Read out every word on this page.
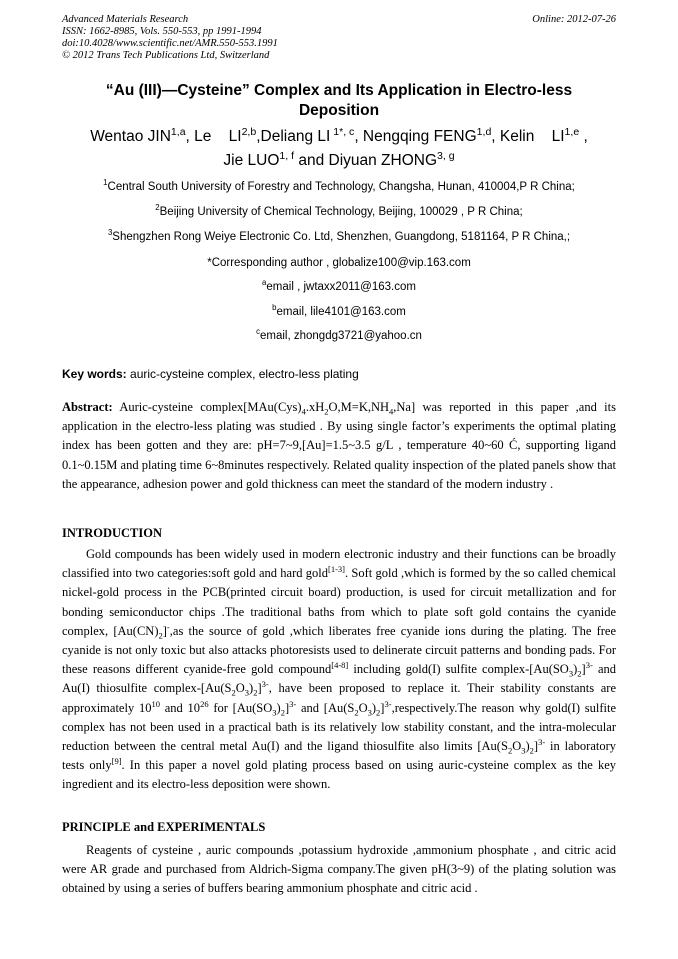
Advanced Materials Research
ISSN: 1662-8985, Vols. 550-553, pp 1991-1994
doi:10.4028/www.scientific.net/AMR.550-553.1991
© 2012 Trans Tech Publications Ltd, Switzerland
Online: 2012-07-26
“Au (III)—Cysteine” Complex and Its Application in Electro-less
Deposition
Wentao JIN$^{1,a}$, Le    LI$^{2,b}$,Deliang LI $^{1*, c}$, Nengqing FENG$^{1,d}$, Kelin    LI$^{1,e}$ ,
Jie LUO$^{1, f}$ and Diyuan ZHONG$^{3, g}$
$^1$Central South University of Forestry and Technology, Changsha, Hunan, 410004,P R China;
$^2$Beijing University of Chemical Technology, Beijing, 100029 , P R China;
$^3$Shengzhen Rong Weiye Electronic Co. Ltd, Shenzhen, Guangdong, 5181164, P R China,;
*Corresponding author , globalize100@vip.163.com
$^a$email , jwtaxx2011@163.com
$^b$email, lile4101@163.com
$^c$email, zhongdg3721@yahoo.cn
Key words: auric-cysteine complex, electro-less plating
Abstract: Auric-cysteine $complex[MAu(Cys)_4.xH_2O,M=K,NH_4,Na]$ was reported in this paper ,and its application in the electro-less plating was studied . By using single factor’s experiments the optimal plating index has been gotten and they are: pH=7~9,[Au]=1.5~3.5 g/L , temperature 40~60 Ć, supporting ligand 0.1~0.15M and plating time 6~8minutes respectively. Related quality inspection of the plated panels show that the appearance, adhesion power and gold thickness can meet the standard of the modern industry .
INTRODUCTION
Gold compounds has been widely used in modern electronic industry and their functions can be broadly classified into two categories:soft gold and hard gold[1-3]. Soft gold ,which is formed by the so called chemical nickel-gold process in the PCB(printed circuit board) production, is used for circuit metallization and for bonding semiconductor chips .The traditional baths from which to plate soft gold contains the cyanide complex, $[Au(CN)_2]^-,as$ the source of gold ,which liberates free cyanide ions during the plating. The free cyanide is not only toxic but also attacks photoresists used to delinerate circuit patterns and bonding pads. For these reasons different cyanide-free gold compound[4-8] including gold(I) sulfite complex-$[Au(SO_3)_2]^{3-}$ and Au(I) thiosulfite complex-$[Au(S_2O_3)_2]^{3-}$, have been proposed to replace it. Their stability constants are approximately $10^{10}$ and $10^{26}$ for $[Au(SO_3)_2]^{3-}$ and $[Au(S_2O_3)_2]^{3-},respectively.The$ reason why gold(I) sulfite complex has not been used in a practical bath is its relatively low stability constant, and the intra-molecular reduction between the central metal Au(I) and the ligand thiosulfite also limits $[Au(S_2O_3)_2]^{3-}$ in laboratory tests only[9]. In this paper a novel gold plating process based on using auric-cysteine complex as the key ingredient and its electro-less deposition were shown.
PRINCIPLE and EXPERIMENTALS
Reagents of cysteine , auric compounds ,potassium hydroxide ,ammonium phosphate , and citric acid were AR grade and purchased from Aldrich-Sigma company.The given pH(3~9) of the plating solution was obtained by using a series of buffers bearing ammonium phosphate and citric acid .
